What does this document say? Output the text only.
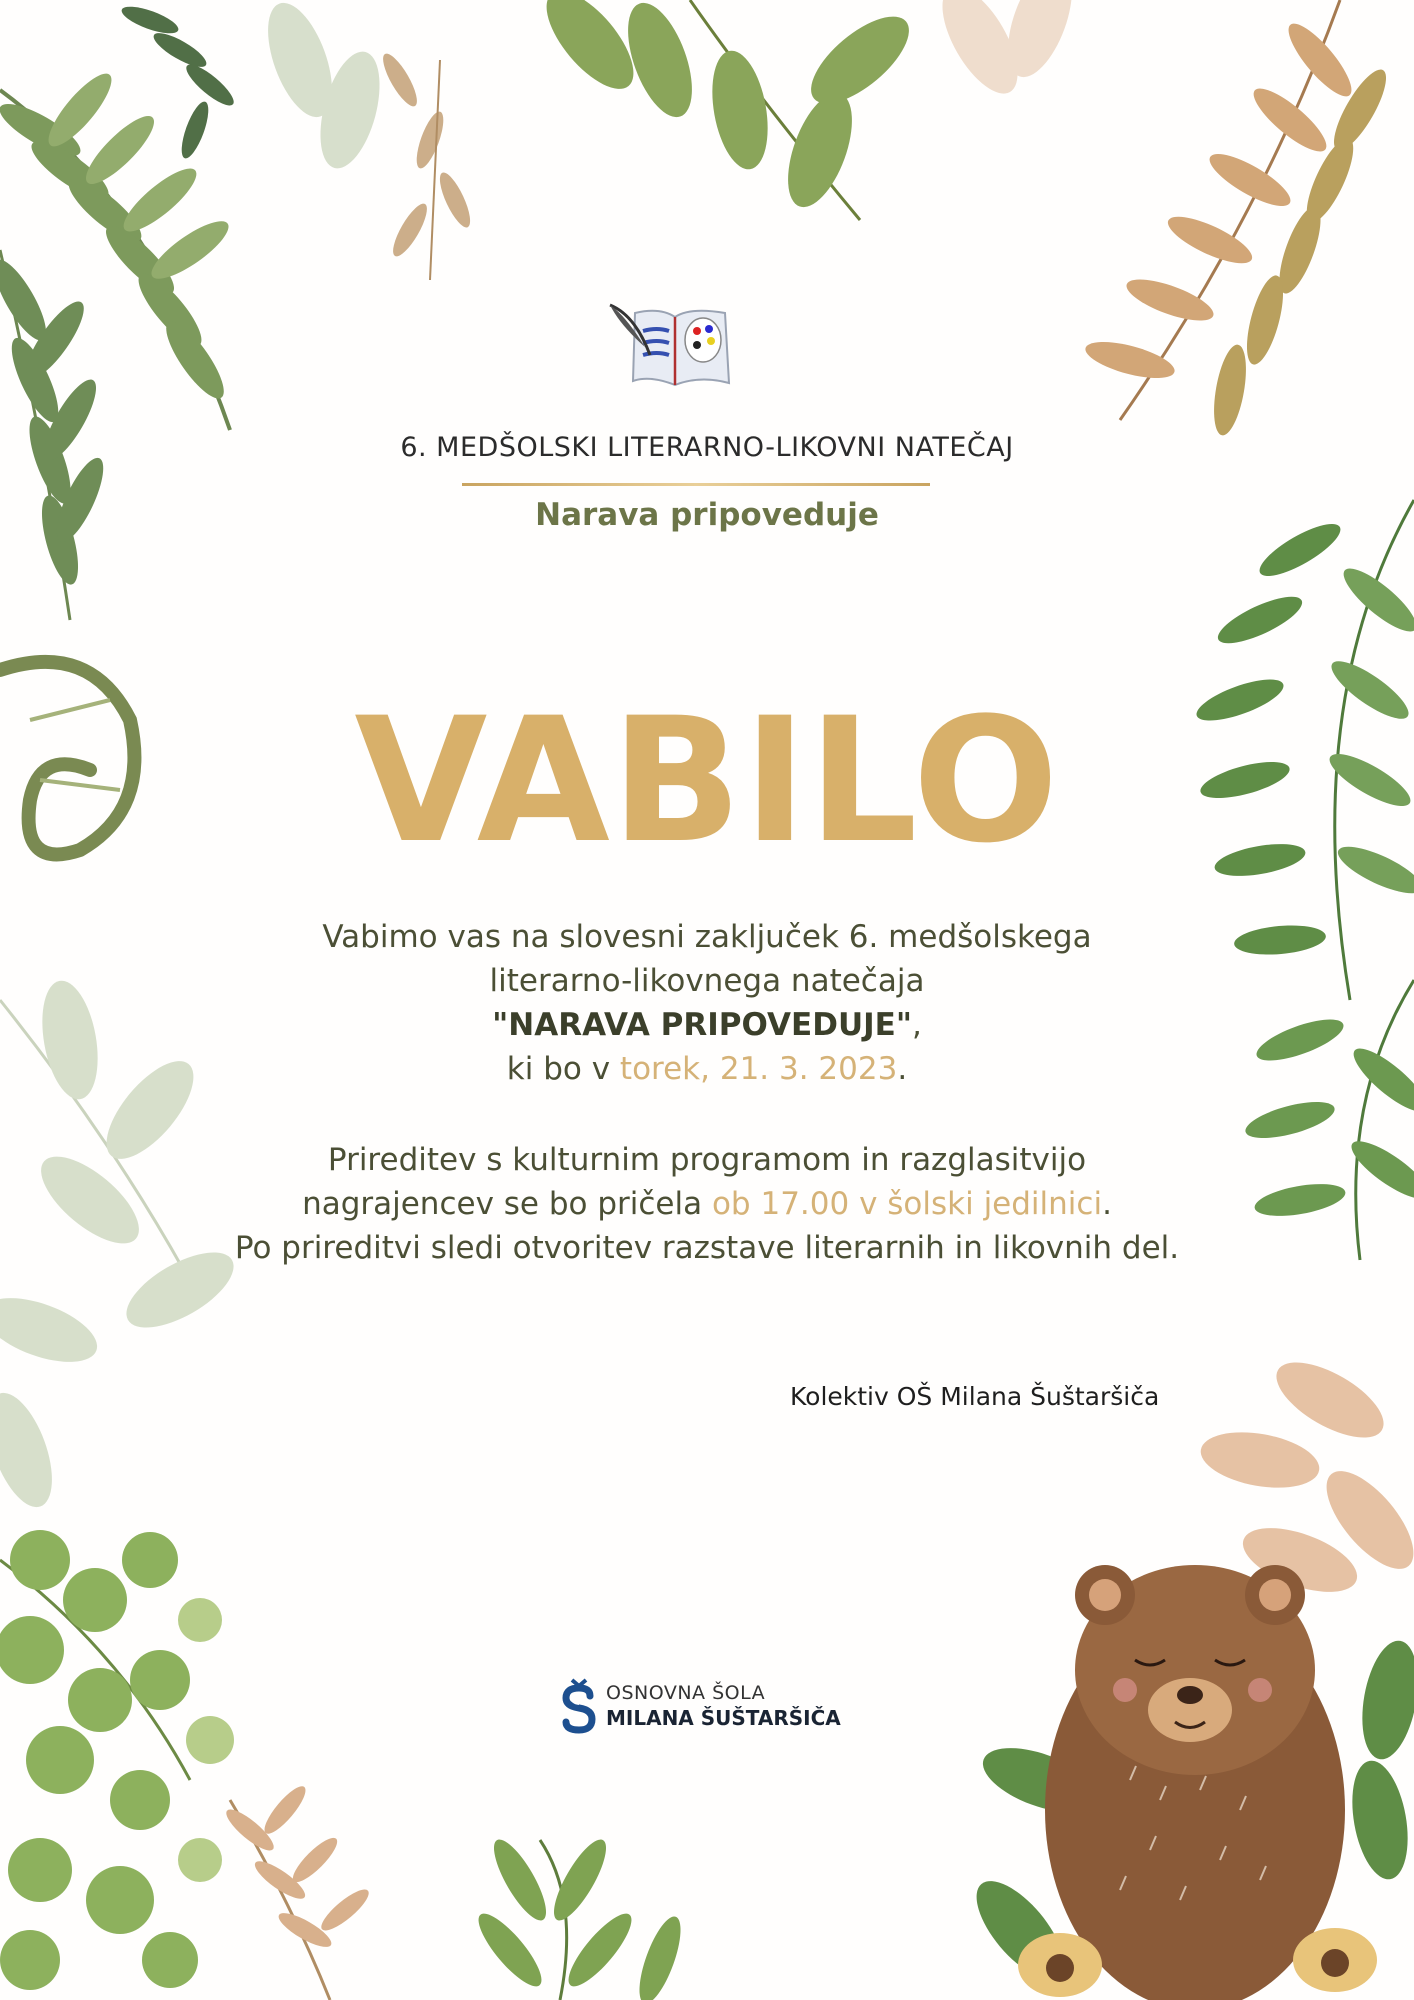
6. MEDŠOLSKI LITERARNO-LIKOVNI NATEČAJ
Narava pripoveduje
VABILO
Vabimo vas na slovesni zaključek 6. medšolskega
literarno-likovnega natečaja
"NARAVA PRIPOVEDUJE",
ki bo v torek, 21. 3. 2023.
Prireditev s kulturnim programom in razglasitvijo
nagrajencev se bo pričela ob 17.00 v šolski jedilnici.
Po prireditvi sledi otvoritev razstave literarnih in likovnih del.
Kolektiv OŠ Milana Šuštaršiča
OSNOVNA ŠOLA
MILANA ŠUŠTARŠIČA
